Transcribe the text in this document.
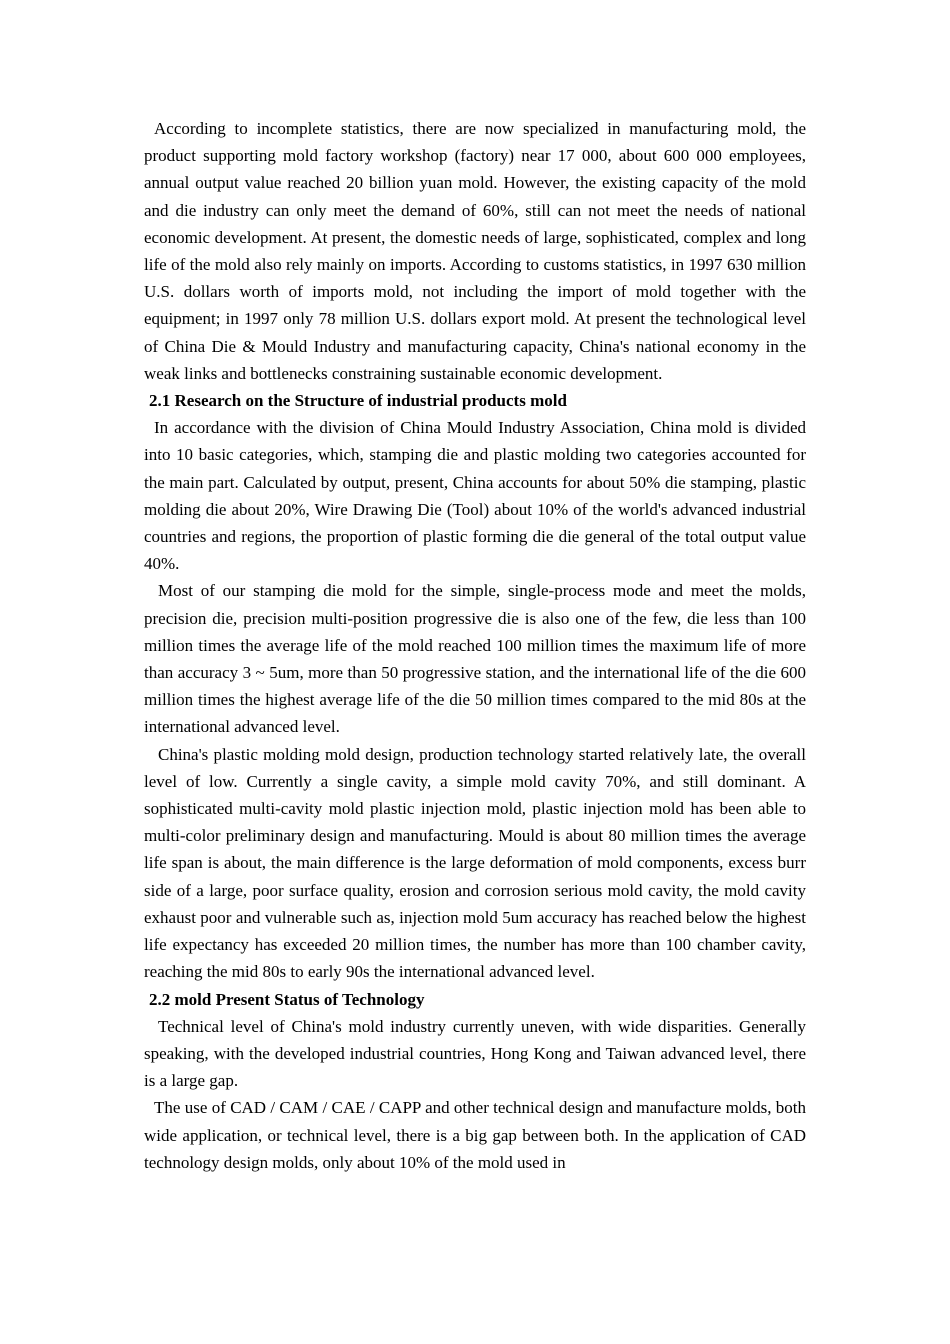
According to incomplete statistics, there are now specialized in manufacturing mold, the product supporting mold factory workshop (factory) near 17 000, about 600 000 employees, annual output value reached 20 billion yuan mold. However, the existing capacity of the mold and die industry can only meet the demand of 60%, still can not meet the needs of national economic development. At present, the domestic needs of large, sophisticated, complex and long life of the mold also rely mainly on imports. According to customs statistics, in 1997 630 million U.S. dollars worth of imports mold, not including the import of mold together with the equipment; in 1997 only 78 million U.S. dollars export mold. At present the technological level of China Die & Mould Industry and manufacturing capacity, China's national economy in the weak links and bottlenecks constraining sustainable economic development.

2.1 Research on the Structure of industrial products mold

In accordance with the division of China Mould Industry Association, China mold is divided into 10 basic categories, which, stamping die and plastic molding two categories accounted for the main part. Calculated by output, present, China accounts for about 50% die stamping, plastic molding die about 20%, Wire Drawing Die (Tool) about 10% of the world's advanced industrial countries and regions, the proportion of plastic forming die die general of the total output value 40%.

Most of our stamping die mold for the simple, single-process mode and meet the molds, precision die, precision multi-position progressive die is also one of the few, die less than 100 million times the average life of the mold reached 100 million times the maximum life of more than accuracy 3 ~ 5um, more than 50 progressive station, and the international life of the die 600 million times the highest average life of the die 50 million times compared to the mid 80s at the international advanced level.

China's plastic molding mold design, production technology started relatively late, the overall level of low. Currently a single cavity, a simple mold cavity 70%, and still dominant. A sophisticated multi-cavity mold plastic injection mold, plastic injection mold has been able to multi-color preliminary design and manufacturing. Mould is about 80 million times the average life span is about, the main difference is the large deformation of mold components, excess burr side of a large, poor surface quality, erosion and corrosion serious mold cavity, the mold cavity exhaust poor and vulnerable such as, injection mold 5um accuracy has reached below the highest life expectancy has exceeded 20 million times, the number has more than 100 chamber cavity, reaching the mid 80s to early 90s the international advanced level.

2.2 mold Present Status of Technology

Technical level of China's mold industry currently uneven, with wide disparities. Generally speaking, with the developed industrial countries, Hong Kong and Taiwan advanced level, there is a large gap.

The use of CAD / CAM / CAE / CAPP and other technical design and manufacture molds, both wide application, or technical level, there is a big gap between both. In the application of CAD technology design molds, only about 10% of the mold used in
